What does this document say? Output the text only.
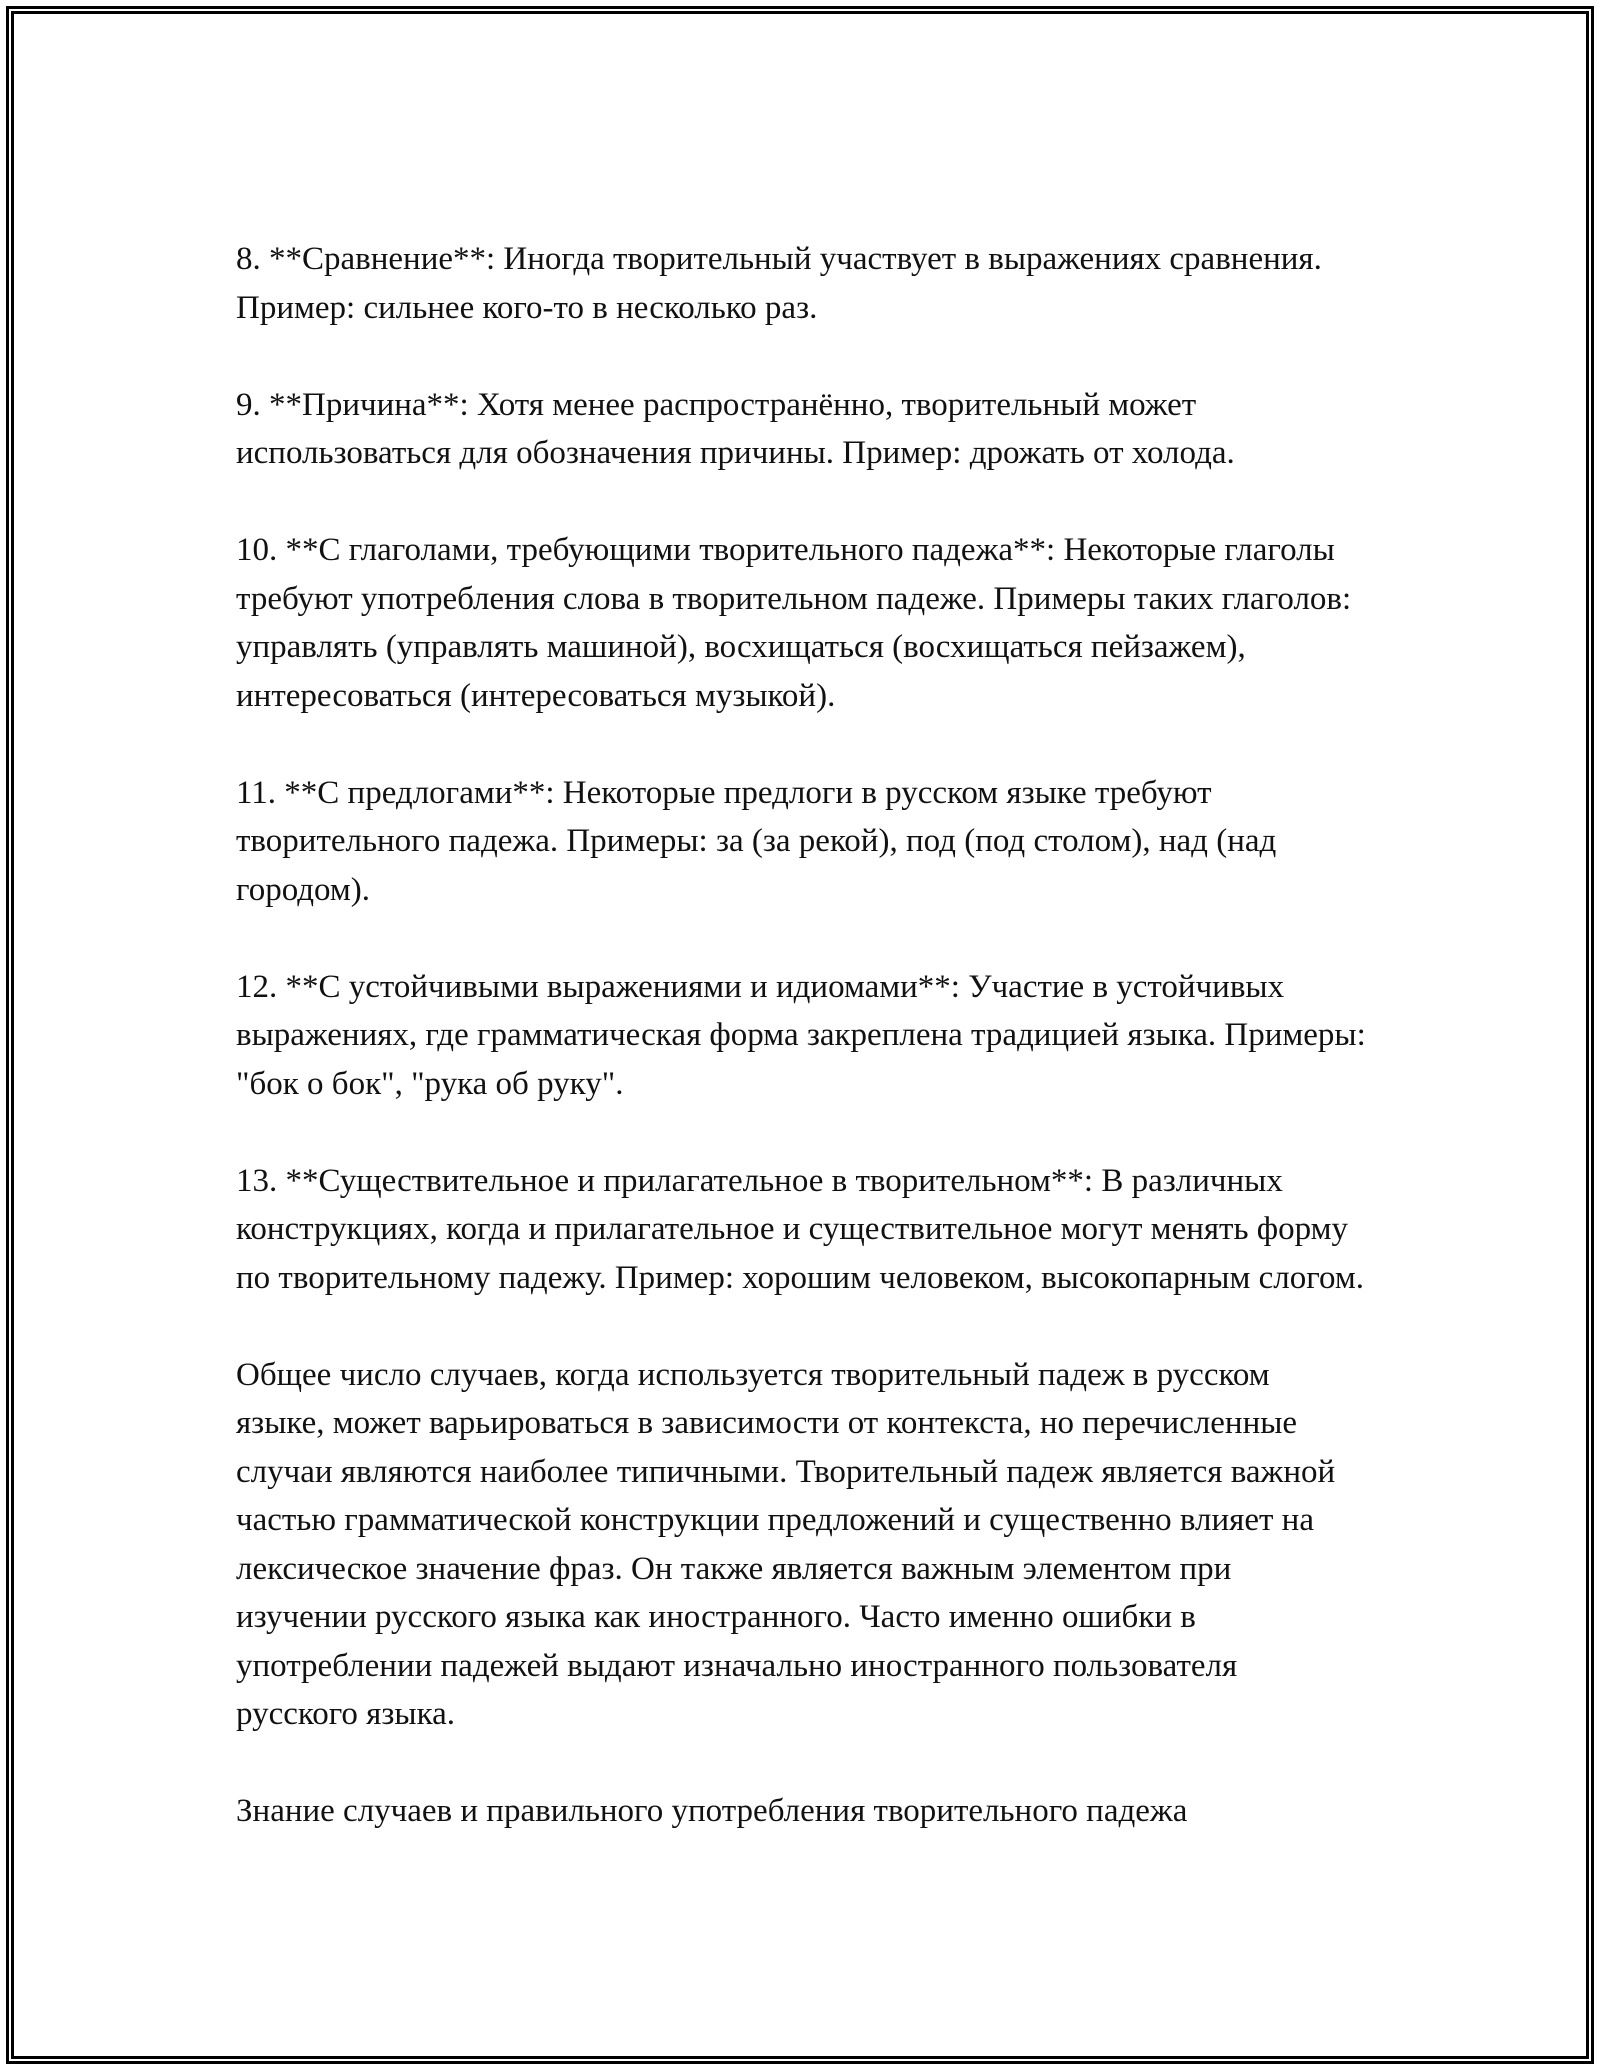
8. **Сравнение**: Иногда творительный участвует в выражениях сравнения. Пример: сильнее кого-то в несколько раз.

9. **Причина**: Хотя менее распространённо, творительный может использоваться для обозначения причины. Пример: дрожать от холода.

10. **С глаголами, требующими творительного падежа**: Некоторые глаголы требуют употребления слова в творительном падеже. Примеры таких глаголов: управлять (управлять машиной), восхищаться (восхищаться пейзажем), интересоваться (интересоваться музыкой).

11. **С предлогами**: Некоторые предлоги в русском языке требуют творительного падежа. Примеры: за (за рекой), под (под столом), над (над городом).

12. **С устойчивыми выражениями и идиомами**: Участие в устойчивых выражениях, где грамматическая форма закреплена традицией языка. Примеры: "бок о бок", "рука об руку".

13. **Существительное и прилагательное в творительном**: В различных конструкциях, когда и прилагательное и существительное могут менять форму по творительному падежу. Пример: хорошим человеком, высокопарным слогом.

Общее число случаев, когда используется творительный падеж в русском языке, может варьироваться в зависимости от контекста, но перечисленные случаи являются наиболее типичными. Творительный падеж является важной частью грамматической конструкции предложений и существенно влияет на лексическое значение фраз. Он также является важным элементом при изучении русского языка как иностранного. Часто именно ошибки в употреблении падежей выдают изначально иностранного пользователя русского языка.

Знание случаев и правильного употребления творительного падежа
